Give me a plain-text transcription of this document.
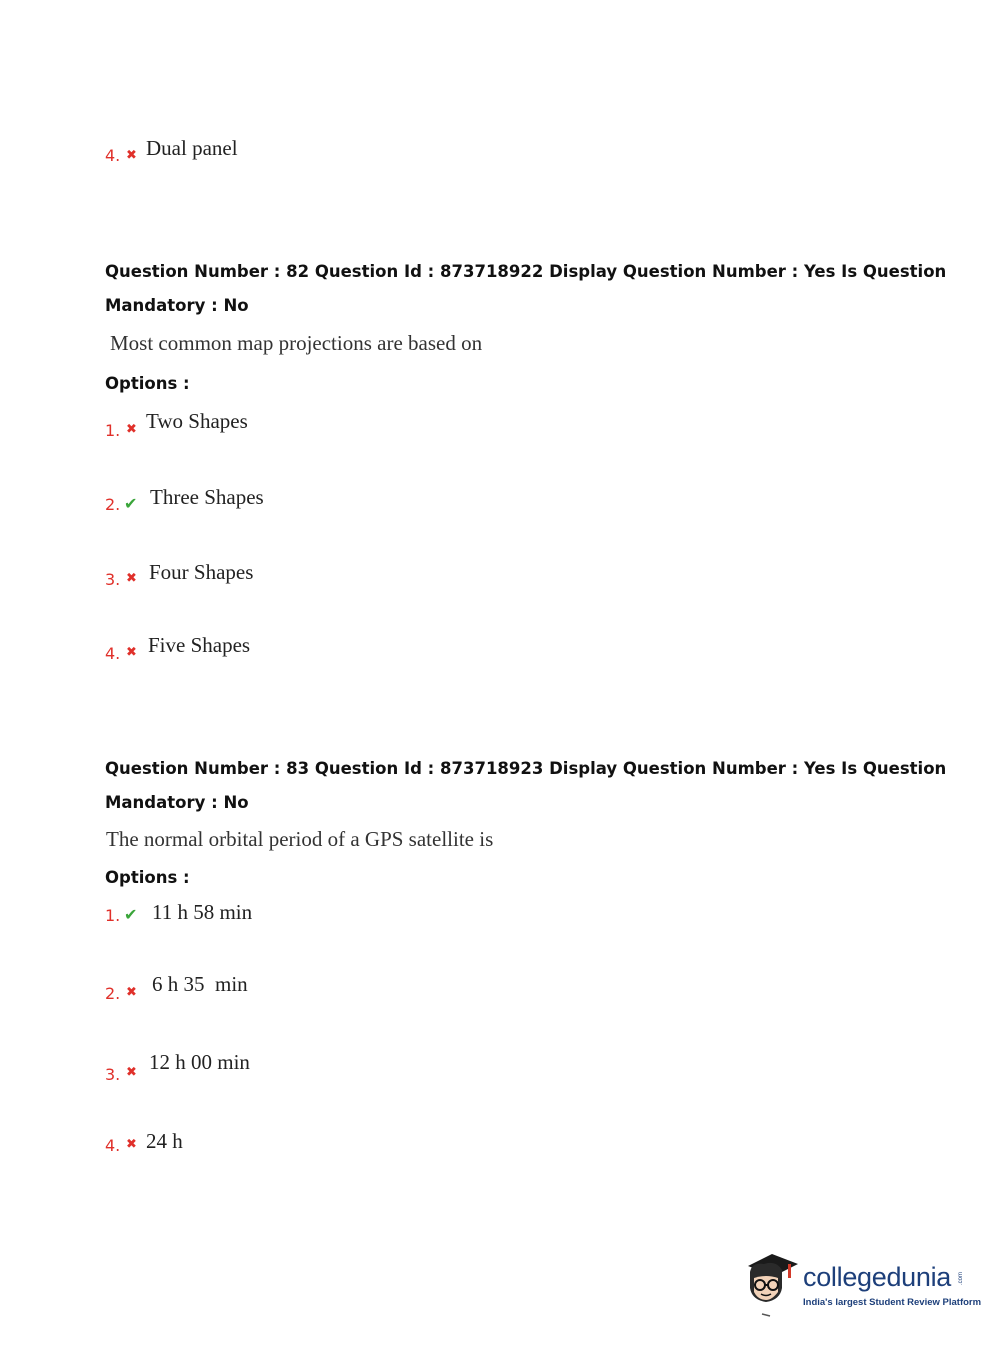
4. ✖ Dual panel
Question Number : 82 Question Id : 873718922 Display Question Number : Yes Is Question
Mandatory : No
Most common map projections are based on
Options :
1. ✖ Two Shapes
2. ✔ Three Shapes
3. ✖ Four Shapes
4. ✖ Five Shapes
Question Number : 83 Question Id : 873718923 Display Question Number : Yes Is Question
Mandatory : No
The normal orbital period of a GPS satellite is
Options :
1. ✔ 11 h 58 min
2. ✖ 6 h 35  min
3. ✖ 12 h 00 min
4. ✖ 24 h
collegedunia .com
India's largest Student Review Platform
